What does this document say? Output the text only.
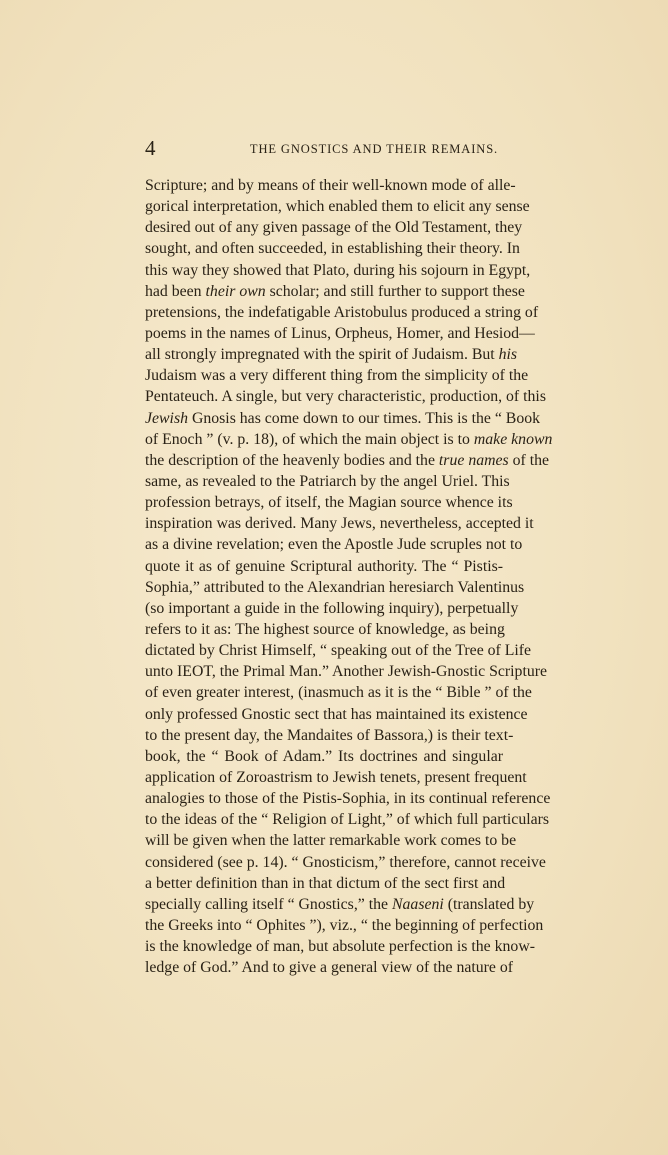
4	THE GNOSTICS AND THEIR REMAINS.
Scripture; and by means of their well-known mode of alle-
gorical interpretation, which enabled them to elicit any sense
desired out of any given passage of the Old Testament, they
sought, and often succeeded, in establishing their theory. In
this way they showed that Plato, during his sojourn in Egypt,
had been their own scholar; and still further to support these
pretensions, the indefatigable Aristobulus produced a string of
poems in the names of Linus, Orpheus, Homer, and Hesiod—
all strongly impregnated with the spirit of Judaism. But his
Judaism was a very different thing from the simplicity of the
Pentateuch. A single, but very characteristic, production, of this
Jewish Gnosis has come down to our times. This is the “ Book
of Enoch ” (v. p. 18), of which the main object is to make known
the description of the heavenly bodies and the true names of the
same, as revealed to the Patriarch by the angel Uriel. This
profession betrays, of itself, the Magian source whence its
inspiration was derived. Many Jews, nevertheless, accepted it
as a divine revelation; even the Apostle Jude scruples not to
quote it as of genuine Scriptural authority. The “ Pistis-
Sophia,” attributed to the Alexandrian heresiarch Valentinus
(so important a guide in the following inquiry), perpetually
refers to it as: The highest source of knowledge, as being
dictated by Christ Himself, “ speaking out of the Tree of Life
unto IEOT, the Primal Man.” Another Jewish-Gnostic Scripture
of even greater interest, (inasmuch as it is the “ Bible ” of the
only professed Gnostic sect that has maintained its existence
to the present day, the Mandaites of Bassora,) is their text-
book, the “ Book of Adam.” Its doctrines and singular
application of Zoroastrism to Jewish tenets, present frequent
analogies to those of the Pistis-Sophia, in its continual reference
to the ideas of the “ Religion of Light,” of which full particulars
will be given when the latter remarkable work comes to be
considered (see p. 14). “ Gnosticism,” therefore, cannot receive
a better definition than in that dictum of the sect first and
specially calling itself “ Gnostics,” the Naaseni (translated by
the Greeks into “ Ophites ”), viz., “ the beginning of perfection
is the knowledge of man, but absolute perfection is the know-
ledge of God.” And to give a general view of the nature of
